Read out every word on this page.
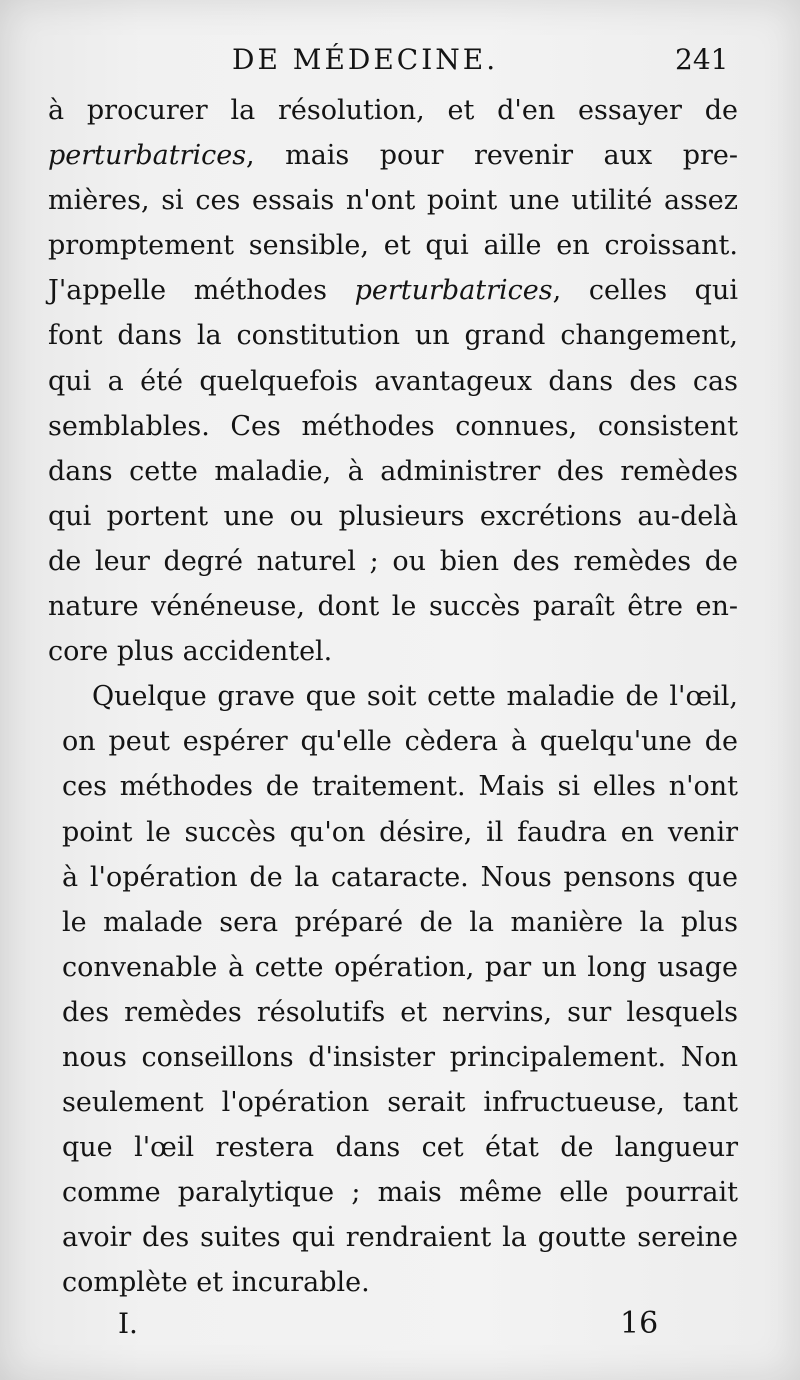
DE MÉDECINE.	241
à procurer la résolution, et d'en essayer de
perturbatrices, mais pour revenir aux pre-
mières, si ces essais n'ont point une utilité assez
promptement sensible, et qui aille en croissant.
J'appelle méthodes perturbatrices, celles qui
font dans la constitution un grand changement,
qui a été quelquefois avantageux dans des cas
semblables. Ces méthodes connues, consistent
dans cette maladie, à administrer des remèdes
qui portent une ou plusieurs excrétions au-delà
de leur degré naturel ; ou bien des remèdes de
nature vénéneuse, dont le succès paraît être en-
core plus accidentel.
Quelque grave que soit cette maladie de l'œil,
on peut espérer qu'elle cèdera à quelqu'une de
ces méthodes de traitement. Mais si elles n'ont
point le succès qu'on désire, il faudra en venir
à l'opération de la cataracte. Nous pensons que
le malade sera préparé de la manière la plus
convenable à cette opération, par un long usage
des remèdes résolutifs et nervins, sur lesquels
nous conseillons d'insister principalement. Non
seulement l'opération serait infructueuse, tant
que l'œil restera dans cet état de langueur
comme paralytique ; mais même elle pourrait
avoir des suites qui rendraient la goutte sereine
complète et incurable.
I.	16
